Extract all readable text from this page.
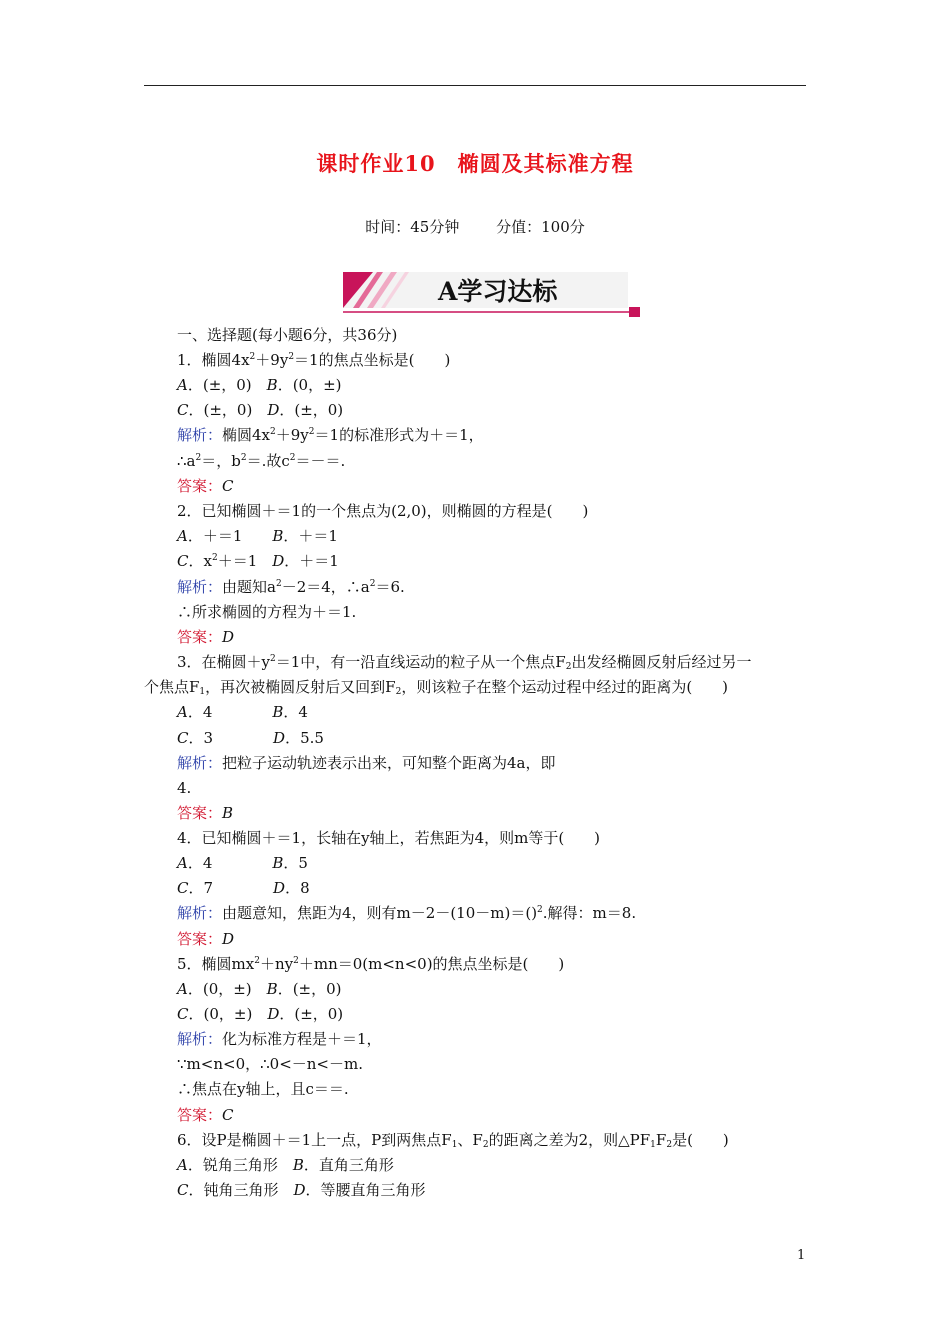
课时作业10　椭圆及其标准方程
时间：45分钟 分值：100分
A学习达标
一、选择题(每小题6分，共36分)
1．椭圆$4x^2+9y^2=1$的焦点坐标是(　　)
A．(±，0)　B．(0，±)
C．(±，0)　D．(±，0)
解析：椭圆$4x^2+9y^2=1$的标准形式为＋＝1，
$\therefore a^2=$，$b^2=$.故$c^2=-=$.
答案：C
2．已知椭圆＋＝1的一个焦点为(2,0)，则椭圆的方程是(　　)
A．＋＝1　　B．＋＝1
C．$x^2+=1$　D．＋＝1
解析：由题知$a^2-2=4$，$\therefore a^2=6$.
∴所求椭圆的方程为＋＝1.
答案：D
3．在椭圆$+y^2=1$中，有一沿直线运动的粒子从一个焦点$F_2$出发经椭圆反射后经过另一
个焦点$F_1$，再次被椭圆反射后又回到$F_2$，则该粒子在整个运动过程中经过的距离为(　　)
A．4　　　　B．4
C．3　　　　D．5.5
解析：把粒子运动轨迹表示出来，可知整个距离为4a，即
4.
答案：B
4．已知椭圆＋＝1，长轴在y轴上，若焦距为4，则m等于(　　)
A．4　　　　B．5
C．7　　　　D．8
解析：由题意知，焦距为4，则有m－2－(10－m)＝()$^2$.解得：m＝8.
答案：D
5．椭圆$mx^2+ny^2+mn=0(m<n<0)$的焦点坐标是(　　)
A．(0，±)　B．(±，0)
C．(0，±)　D．(±，0)
解析：化为标准方程是＋＝1，
∵m<n<0，∴0<－n<－m.
∴焦点在y轴上，且c＝＝.
答案：C
6．设P是椭圆＋＝1上一点，P到两焦点$F_1$、$F_2$的距离之差为2，则$\triangle PF_1F_2$是(　　)
A．锐角三角形　B．直角三角形
C．钝角三角形　D．等腰直角三角形
1
